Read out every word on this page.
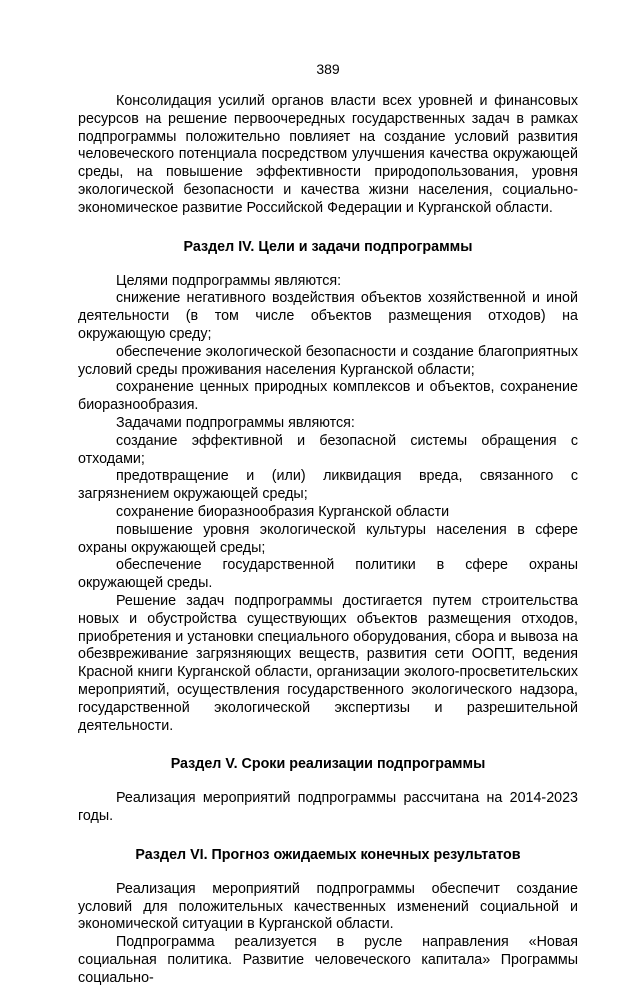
389

Консолидация усилий органов власти всех уровней и финансовых ресурсов на решение первоочередных государственных задач в рамках подпрограммы положительно повлияет на создание условий развития человеческого потенциала посредством улучшения качества окружающей среды, на повышение эффективности природопользования, уровня экологической безопасности и качества жизни населения, социально-экономическое развитие Российской Федерации и Курганской области.

Раздел IV. Цели и задачи подпрограммы

Целями подпрограммы являются:

снижение негативного воздействия объектов хозяйственной и иной деятельности (в том числе объектов размещения отходов) на окружающую среду;

обеспечение экологической безопасности и создание благоприятных условий среды проживания населения Курганской области;

сохранение ценных природных комплексов и объектов, сохранение биоразнообразия.

Задачами подпрограммы являются:

создание эффективной и безопасной системы обращения с отходами;

предотвращение и (или) ликвидация вреда, связанного с загрязнением окружающей среды;

сохранение биоразнообразия Курганской области

повышение уровня экологической культуры населения в сфере охраны окружающей среды;

обеспечение государственной политики в сфере охраны окружающей среды.

Решение задач подпрограммы достигается путем строительства новых и обустройства существующих объектов размещения отходов, приобретения и установки специального оборудования, сбора и вывоза на обезвреживание загрязняющих веществ, развития сети ООПТ, ведения Красной книги Курганской области, организации эколого-просветительских мероприятий, осуществления государственного экологического надзора, государственной экологической экспертизы и разрешительной деятельности.

Раздел V. Сроки реализации подпрограммы

Реализация мероприятий подпрограммы рассчитана на 2014-2023 годы.

Раздел VI. Прогноз ожидаемых конечных результатов

Реализация мероприятий подпрограммы обеспечит создание условий для положительных качественных изменений социальной и экономической ситуации в Курганской области.

Подпрограмма реализуется в русле направления «Новая социальная политика. Развитие человеческого капитала» Программы социально-
